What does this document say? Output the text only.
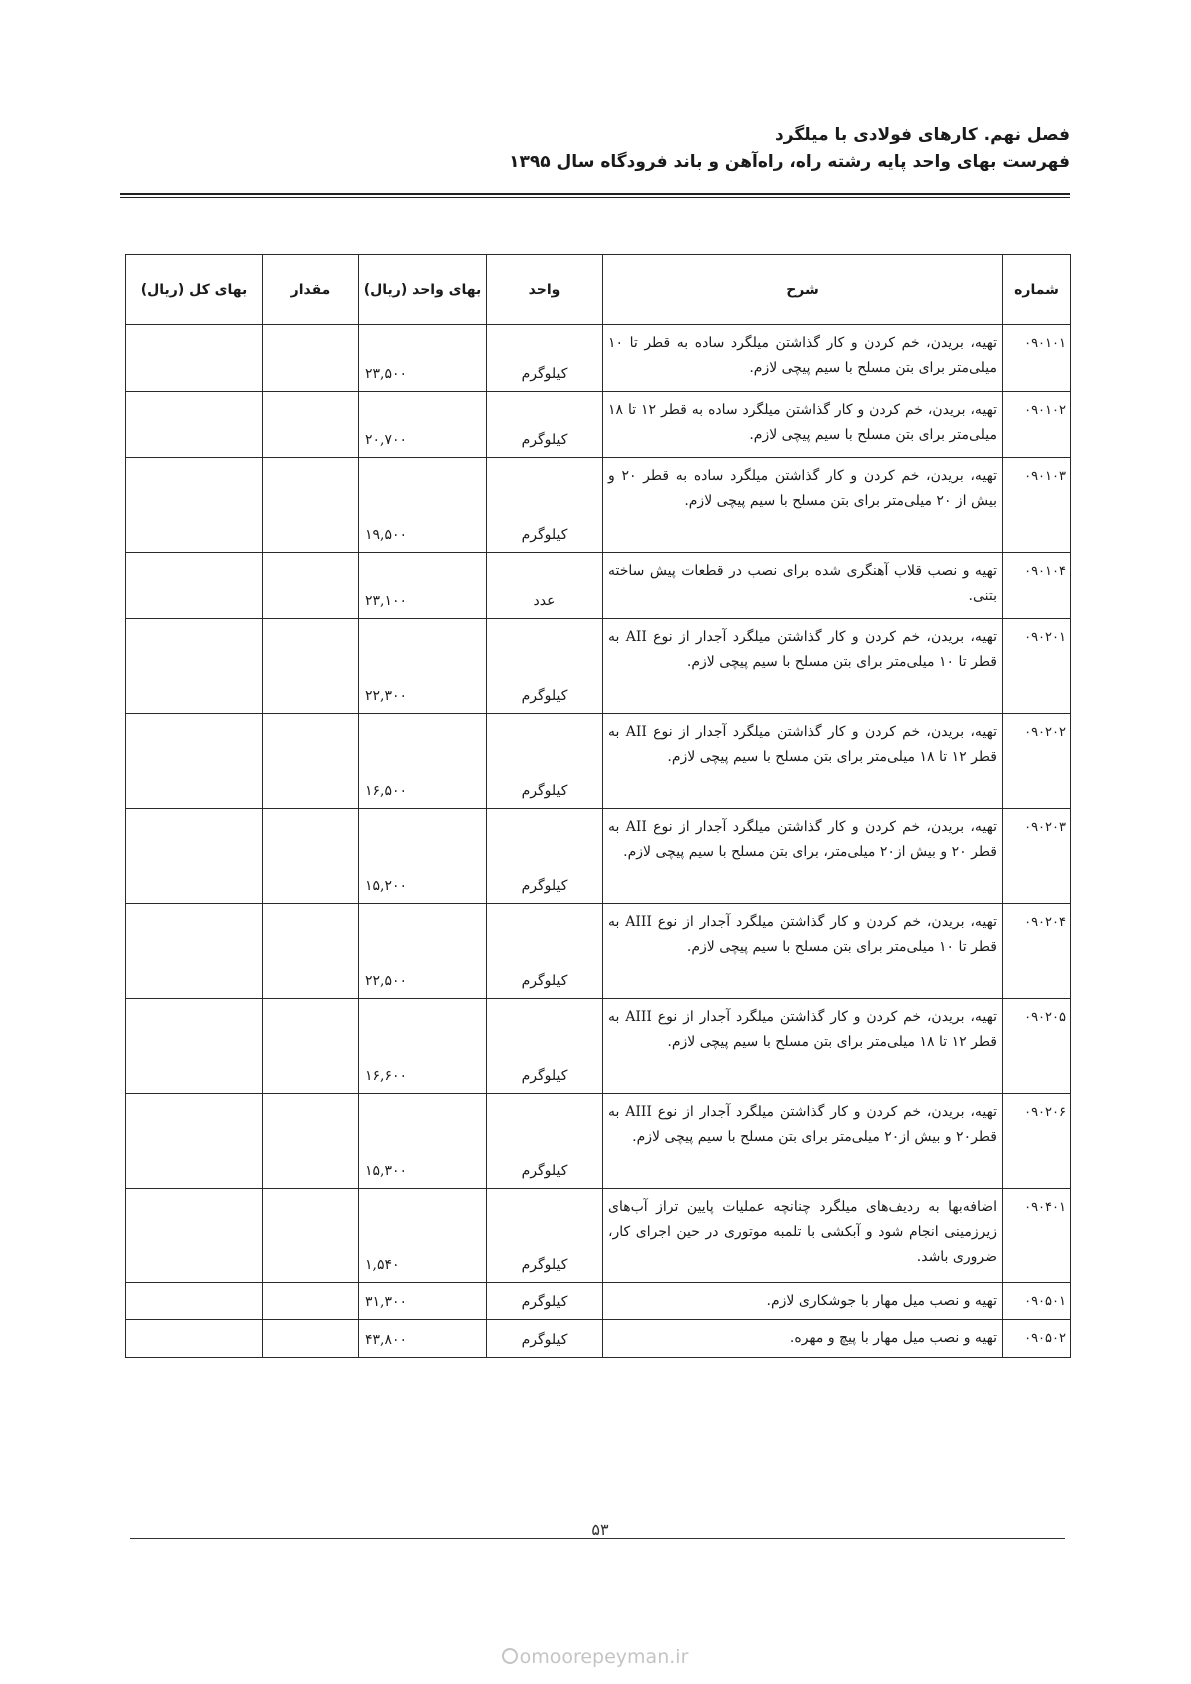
فصل نهم. کارهای فولادی با میلگرد
فهرست بهای واحد پایه رشته راه، راه‌آهن و باند فرودگاه سال ۱۳۹۵
شماره	شرح	واحد	بهای واحد (ریال)	مقدار	بهای کل (ریال)
۰۹۰۱۰۱	تهیه، بریدن، خم کردن و کار گذاشتن میلگرد ساده به قطر تا ۱۰ میلی‌متر برای بتن مسلح با سیم پیچی لازم.	کیلوگرم	۲۳,۵۰۰		
۰۹۰۱۰۲	تهیه، بریدن، خم کردن و کار گذاشتن میلگرد ساده به قطر ۱۲ تا ۱۸ میلی‌متر برای بتن مسلح با سیم پیچی لازم.	کیلوگرم	۲۰,۷۰۰		
۰۹۰۱۰۳	تهیه، بریدن، خم کردن و کار گذاشتن میلگرد ساده به قطر ۲۰ و بیش از ۲۰ میلی‌متر برای بتن مسلح با سیم پیچی لازم.	کیلوگرم	۱۹,۵۰۰		
۰۹۰۱۰۴	تهیه و نصب قلاب آهنگری شده برای نصب در قطعات پیش ساخته بتنی.	عدد	۲۳,۱۰۰		
۰۹۰۲۰۱	تهیه، بریدن، خم کردن و کار گذاشتن میلگرد آجدار از نوع AII به قطر تا ۱۰ میلی‌متر برای بتن مسلح با سیم پیچی لازم.	کیلوگرم	۲۲,۳۰۰		
۰۹۰۲۰۲	تهیه، بریدن، خم کردن و کار گذاشتن میلگرد آجدار از نوع AII به قطر ۱۲ تا ۱۸ میلی‌متر برای بتن مسلح با سیم پیچی لازم.	کیلوگرم	۱۶,۵۰۰		
۰۹۰۲۰۳	تهیه، بریدن، خم کردن و کار گذاشتن میلگرد آجدار از نوع AII به قطر ۲۰ و بیش از۲۰ میلی‌متر، برای بتن مسلح با سیم پیچی لازم.	کیلوگرم	۱۵,۲۰۰		
۰۹۰۲۰۴	تهیه، بریدن، خم کردن و کار گذاشتن میلگرد آجدار از نوع AIII به قطر تا ۱۰ میلی‌متر برای بتن مسلح با سیم پیچی لازم.	کیلوگرم	۲۲,۵۰۰		
۰۹۰۲۰۵	تهیه، بریدن، خم کردن و کار گذاشتن میلگرد آجدار از نوع AIII به قطر ۱۲ تا ۱۸ میلی‌متر برای بتن مسلح با سیم پیچی لازم.	کیلوگرم	۱۶,۶۰۰		
۰۹۰۲۰۶	تهیه، بریدن، خم کردن و کار گذاشتن میلگرد آجدار از نوع AIII به قطر۲۰ و بیش از۲۰ میلی‌متر برای بتن مسلح با سیم پیچی لازم.	کیلوگرم	۱۵,۳۰۰		
۰۹۰۴۰۱	اضافه‌بها به ردیف‌های میلگرد چنانچه عملیات پایین تراز آب‌های زیرزمینی انجام شود و آبکشی با تلمبه موتوری در حین اجرای کار، ضروری باشد.	کیلوگرم	۱,۵۴۰		
۰۹۰۵۰۱	تهیه و نصب میل مهار با جوشکاری لازم.	کیلوگرم	۳۱,۳۰۰		
۰۹۰۵۰۲	تهیه و نصب میل مهار با پیچ و مهره.	کیلوگرم	۴۳,۸۰۰		
۵۳
omoorepeyman.ir
